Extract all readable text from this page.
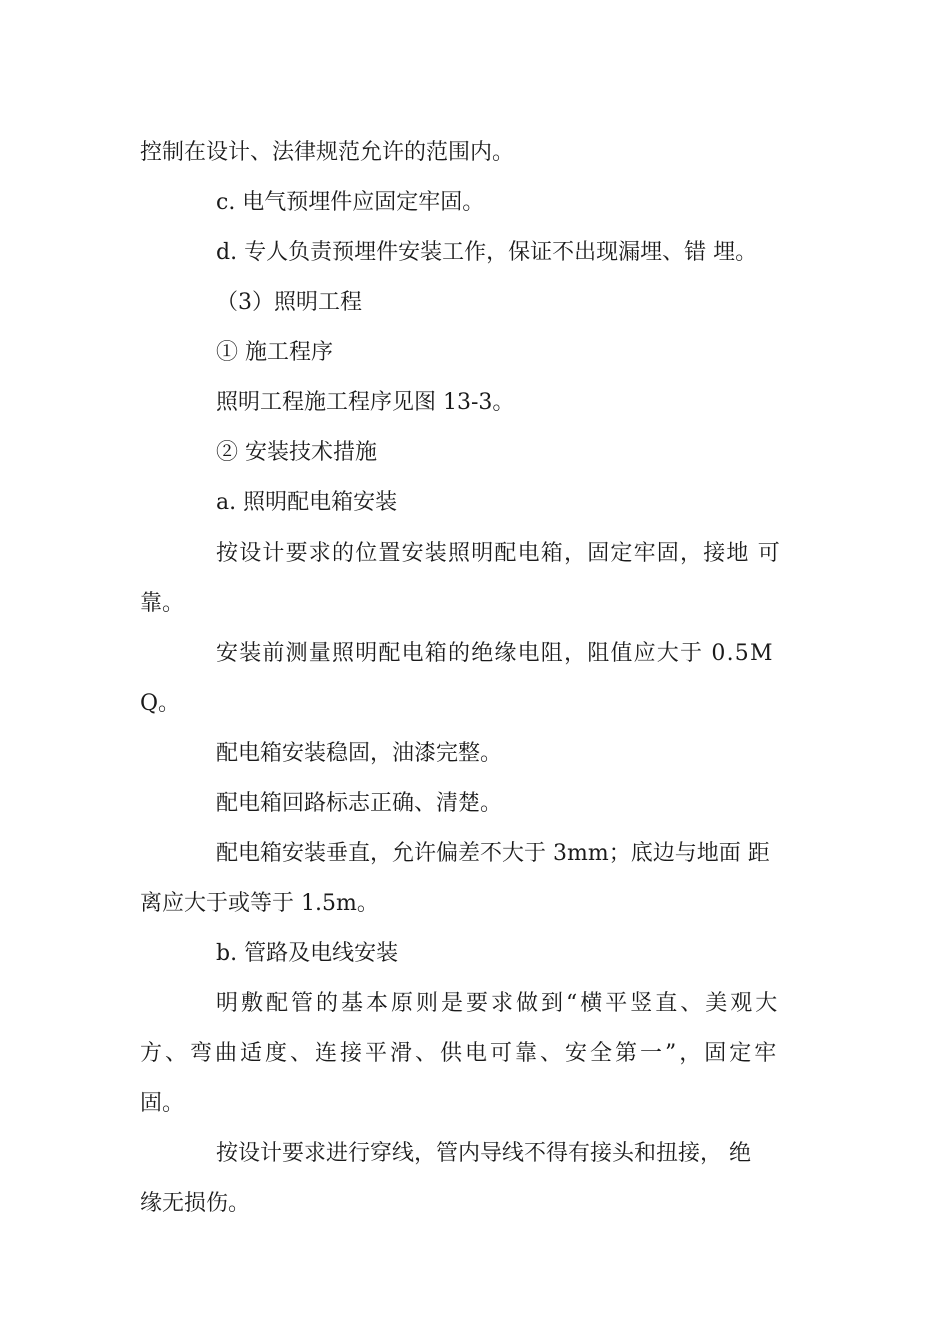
控制在设计、法律规范允许的范围内。
c. 电气预埋件应固定牢固。
d. 专人负责预埋件安装工作，保证不出现漏埋、错 埋。
（3）照明工程
① 施工程序
照明工程施工程序见图 13-3。
② 安装技术措施
a. 照明配电箱安装
按设计要求的位置安装照明配电箱，固定牢固，接地 可
靠。
安装前测量照明配电箱的绝缘电阻，阻值应大于 0.5M
Q。
配电箱安装稳固，油漆完整。
配电箱回路标志正确、清楚。
配电箱安装垂直，允许偏差不大于 3mm；底边与地面 距
离应大于或等于 1.5m。
b. 管路及电线安装
明敷配管的基本原则是要求做到“横平竖直、美观大
方、弯曲适度、连接平滑、供电可靠、安全第一”，固定牢
固。
按设计要求进行穿线，管内导线不得有接头和扭接， 绝
缘无损伤。
